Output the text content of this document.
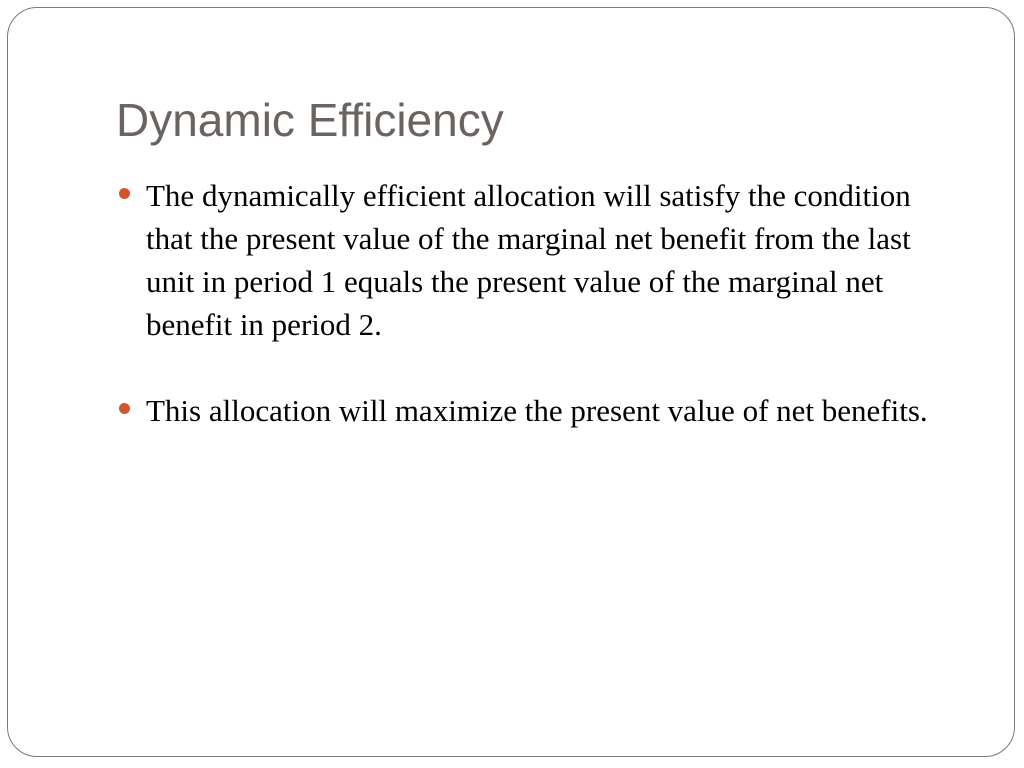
Dynamic Efficiency
The dynamically efficient allocation will satisfy the condition that the present value of the marginal net benefit from the last unit in period 1 equals the present value of the marginal net benefit in period 2.
This allocation will maximize the present value of net benefits.
